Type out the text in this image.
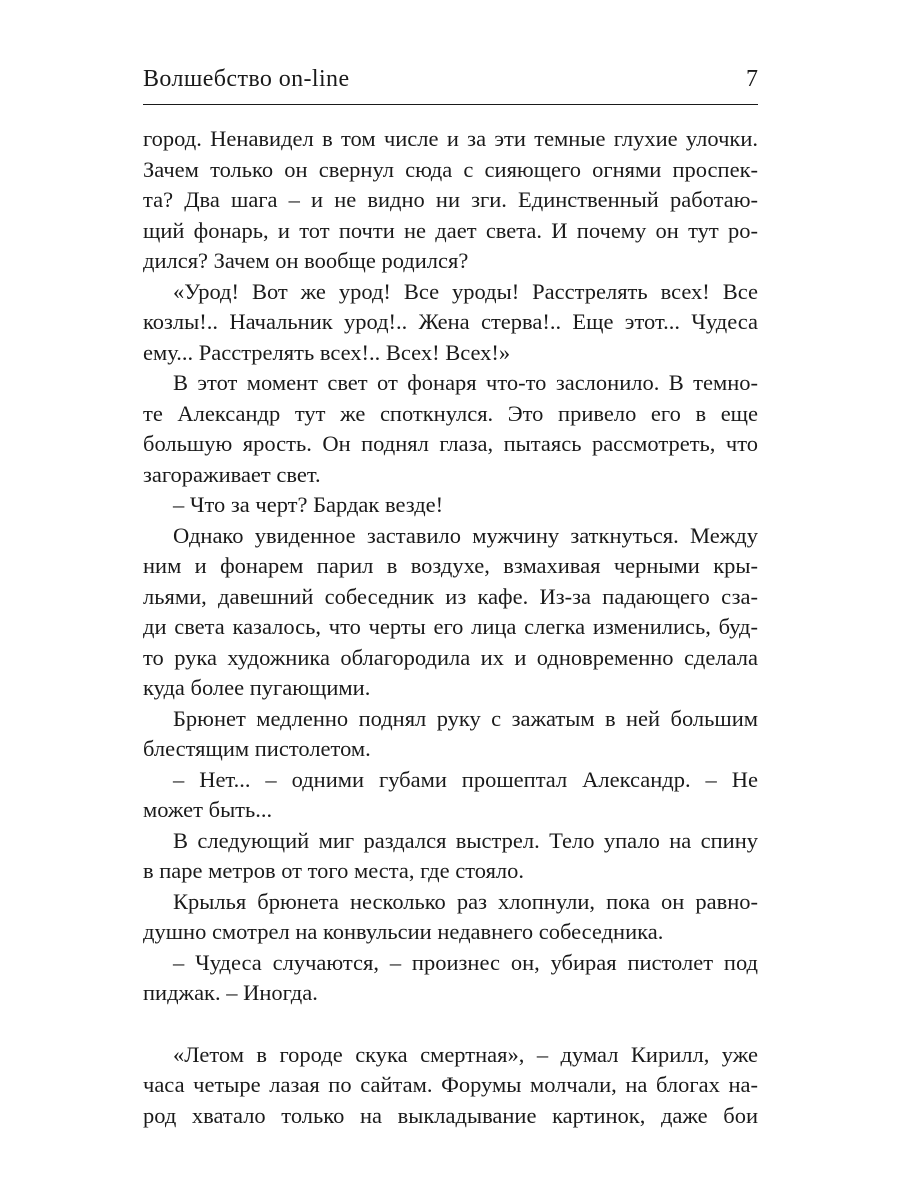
Волшебство on-line	7
город. Ненавидел в том числе и за эти темные глухие улочки.
Зачем только он свернул сюда с сияющего огнями проспек-
та? Два шага – и не видно ни зги. Единственный работаю-
щий фонарь, и тот почти не дает света. И почему он тут ро-
дился? Зачем он вообще родился?
«Урод! Вот же урод! Все уроды! Расстрелять всех! Все
козлы!.. Начальник урод!.. Жена стерва!.. Еще этот... Чудеса
ему... Расстрелять всех!.. Всех! Всех!»
В этот момент свет от фонаря что-то заслонило. В темно-
те Александр тут же споткнулся. Это привело его в еще
большую ярость. Он поднял глаза, пытаясь рассмотреть, что
загораживает свет.
– Что за черт? Бардак везде!
Однако увиденное заставило мужчину заткнуться. Между
ним и фонарем парил в воздухе, взмахивая черными кры-
льями, давешний собеседник из кафе. Из-за падающего сза-
ди света казалось, что черты его лица слегка изменились, буд-
то рука художника облагородила их и одновременно сделала
куда более пугающими.
Брюнет медленно поднял руку с зажатым в ней большим
блестящим пистолетом.
– Нет... – одними губами прошептал Александр. – Не
может быть...
В следующий миг раздался выстрел. Тело упало на спину
в паре метров от того места, где стояло.
Крылья брюнета несколько раз хлопнули, пока он равно-
душно смотрел на конвульсии недавнего собеседника.
– Чудеса случаются, – произнес он, убирая пистолет под
пиджак. – Иногда.
«Летом в городе скука смертная», – думал Кирилл, уже
часа четыре лазая по сайтам. Форумы молчали, на блогах на-
род хватало только на выкладывание картинок, даже бои
